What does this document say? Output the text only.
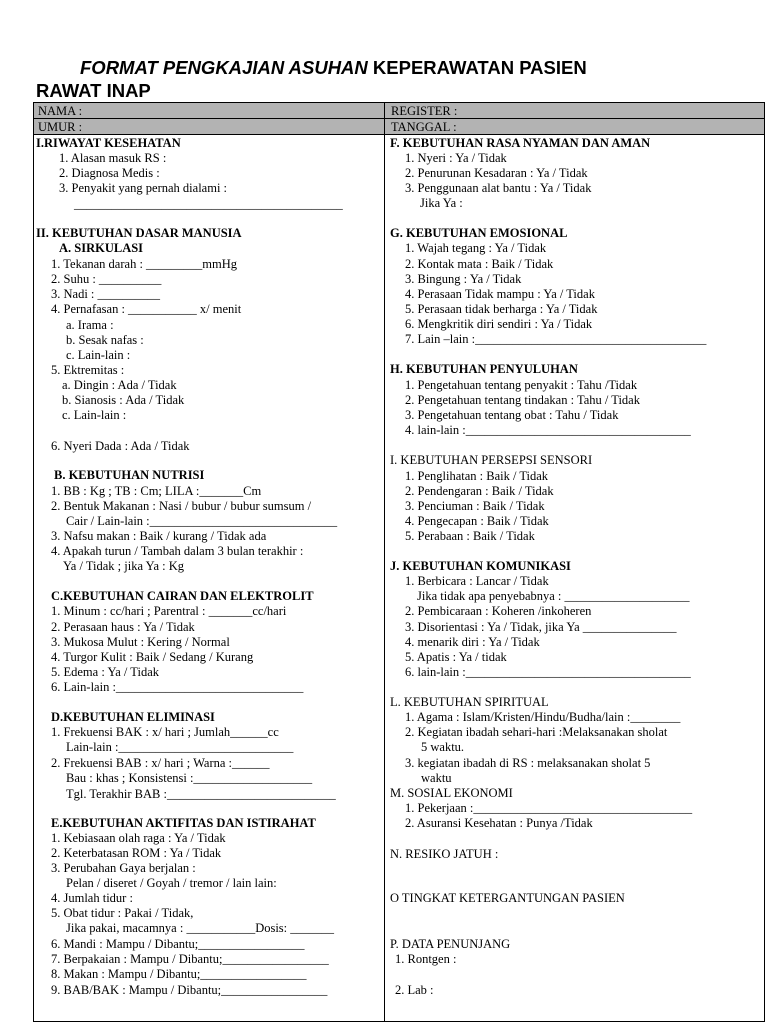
FORMAT PENGKAJIAN ASUHAN KEPERAWATAN PASIEN
RAWAT INAP
NAMA :
UMUR :
REGISTER :
TANGGAL :
I.RIWAYAT KESEHATAN
1. Alasan masuk RS :
2. Diagnosa Medis :
3. Penyakit yang pernah dialami :
___________________________________________
II. KEBUTUHAN DASAR MANUSIA
A. SIRKULASI
1. Tekanan darah : _________mmHg
2. Suhu : __________
3. Nadi : __________
4. Pernafasan : ___________ x/ menit
a. Irama :
b. Sesak nafas :
c. Lain-lain :
5. Ektremitas :
a. Dingin : Ada / Tidak
b. Sianosis : Ada / Tidak
c. Lain-lain :
6. Nyeri Dada : Ada / Tidak
B. KEBUTUHAN NUTRISI
1. BB : Kg ; TB : Cm; LILA :_______Cm
2. Bentuk Makanan : Nasi / bubur / bubur sumsum /
Cair / Lain-lain :______________________________
3. Nafsu makan : Baik / kurang / Tidak ada
4. Apakah turun / Tambah dalam 3 bulan terakhir :
Ya / Tidak ; jika Ya : Kg
C.KEBUTUHAN CAIRAN DAN ELEKTROLIT
1. Minum : cc/hari ; Parentral : _______cc/hari
2. Perasaan haus : Ya / Tidak
3. Mukosa Mulut : Kering / Normal
4. Turgor Kulit : Baik / Sedang / Kurang
5. Edema : Ya / Tidak
6. Lain-lain :______________________________
D.KEBUTUHAN ELIMINASI
1. Frekuensi BAK : x/ hari ; Jumlah______cc
Lain-lain :____________________________
2. Frekuensi BAB : x/ hari ; Warna :______
Bau : khas ; Konsistensi :___________________
Tgl. Terakhir BAB :___________________________
E.KEBUTUHAN AKTIFITAS DAN ISTIRAHAT
1. Kebiasaan olah raga : Ya / Tidak
2. Keterbatasan ROM : Ya / Tidak
3. Perubahan Gaya berjalan :
Pelan / diseret / Goyah / tremor / lain lain:
4. Jumlah tidur :
5. Obat tidur : Pakai / Tidak,
Jika pakai, macamnya : ___________Dosis: _______
6. Mandi : Mampu / Dibantu;_________________
7. Berpakaian : Mampu / Dibantu;_________________
8. Makan : Mampu / Dibantu;_________________
9. BAB/BAK : Mampu / Dibantu;_________________
F. KEBUTUHAN RASA NYAMAN DAN AMAN
1. Nyeri : Ya / Tidak
2. Penurunan Kesadaran : Ya / Tidak
3. Penggunaan alat bantu : Ya / Tidak
Jika Ya :
G. KEBUTUHAN EMOSIONAL
1. Wajah tegang : Ya / Tidak
2. Kontak mata : Baik / Tidak
3. Bingung : Ya / Tidak
4. Perasaan Tidak mampu : Ya / Tidak
5. Perasaan tidak berharga : Ya / Tidak
6. Mengkritik diri sendiri : Ya / Tidak
7. Lain –lain :_____________________________________
H. KEBUTUHAN PENYULUHAN
1. Pengetahuan tentang penyakit : Tahu /Tidak
2. Pengetahuan tentang tindakan : Tahu / Tidak
3. Pengetahuan tentang obat : Tahu / Tidak
4. lain-lain :____________________________________
I. KEBUTUHAN PERSEPSI SENSORI
1. Penglihatan : Baik / Tidak
2. Pendengaran : Baik / Tidak
3. Penciuman : Baik / Tidak
4. Pengecapan : Baik / Tidak
5. Perabaan : Baik / Tidak
J. KEBUTUHAN KOMUNIKASI
1. Berbicara : Lancar / Tidak
Jika tidak apa penyebabnya : ____________________
2. Pembicaraan : Koheren /inkoheren
3. Disorientasi : Ya / Tidak, jika Ya _______________
4. menarik diri : Ya / Tidak
5. Apatis : Ya / tidak
6. lain-lain :____________________________________
L. KEBUTUHAN SPIRITUAL
1. Agama : Islam/Kristen/Hindu/Budha/lain :________
2. Kegiatan ibadah sehari-hari :Melaksanakan sholat
5 waktu.
3. kegiatan ibadah di RS : melaksanakan sholat 5
waktu
M. SOSIAL EKONOMI
1. Pekerjaan :___________________________________
2. Asuransi Kesehatan : Punya /Tidak
N. RESIKO JATUH :
O TINGKAT KETERGANTUNGAN PASIEN
P. DATA PENUNJANG
1. Rontgen :
2. Lab :
